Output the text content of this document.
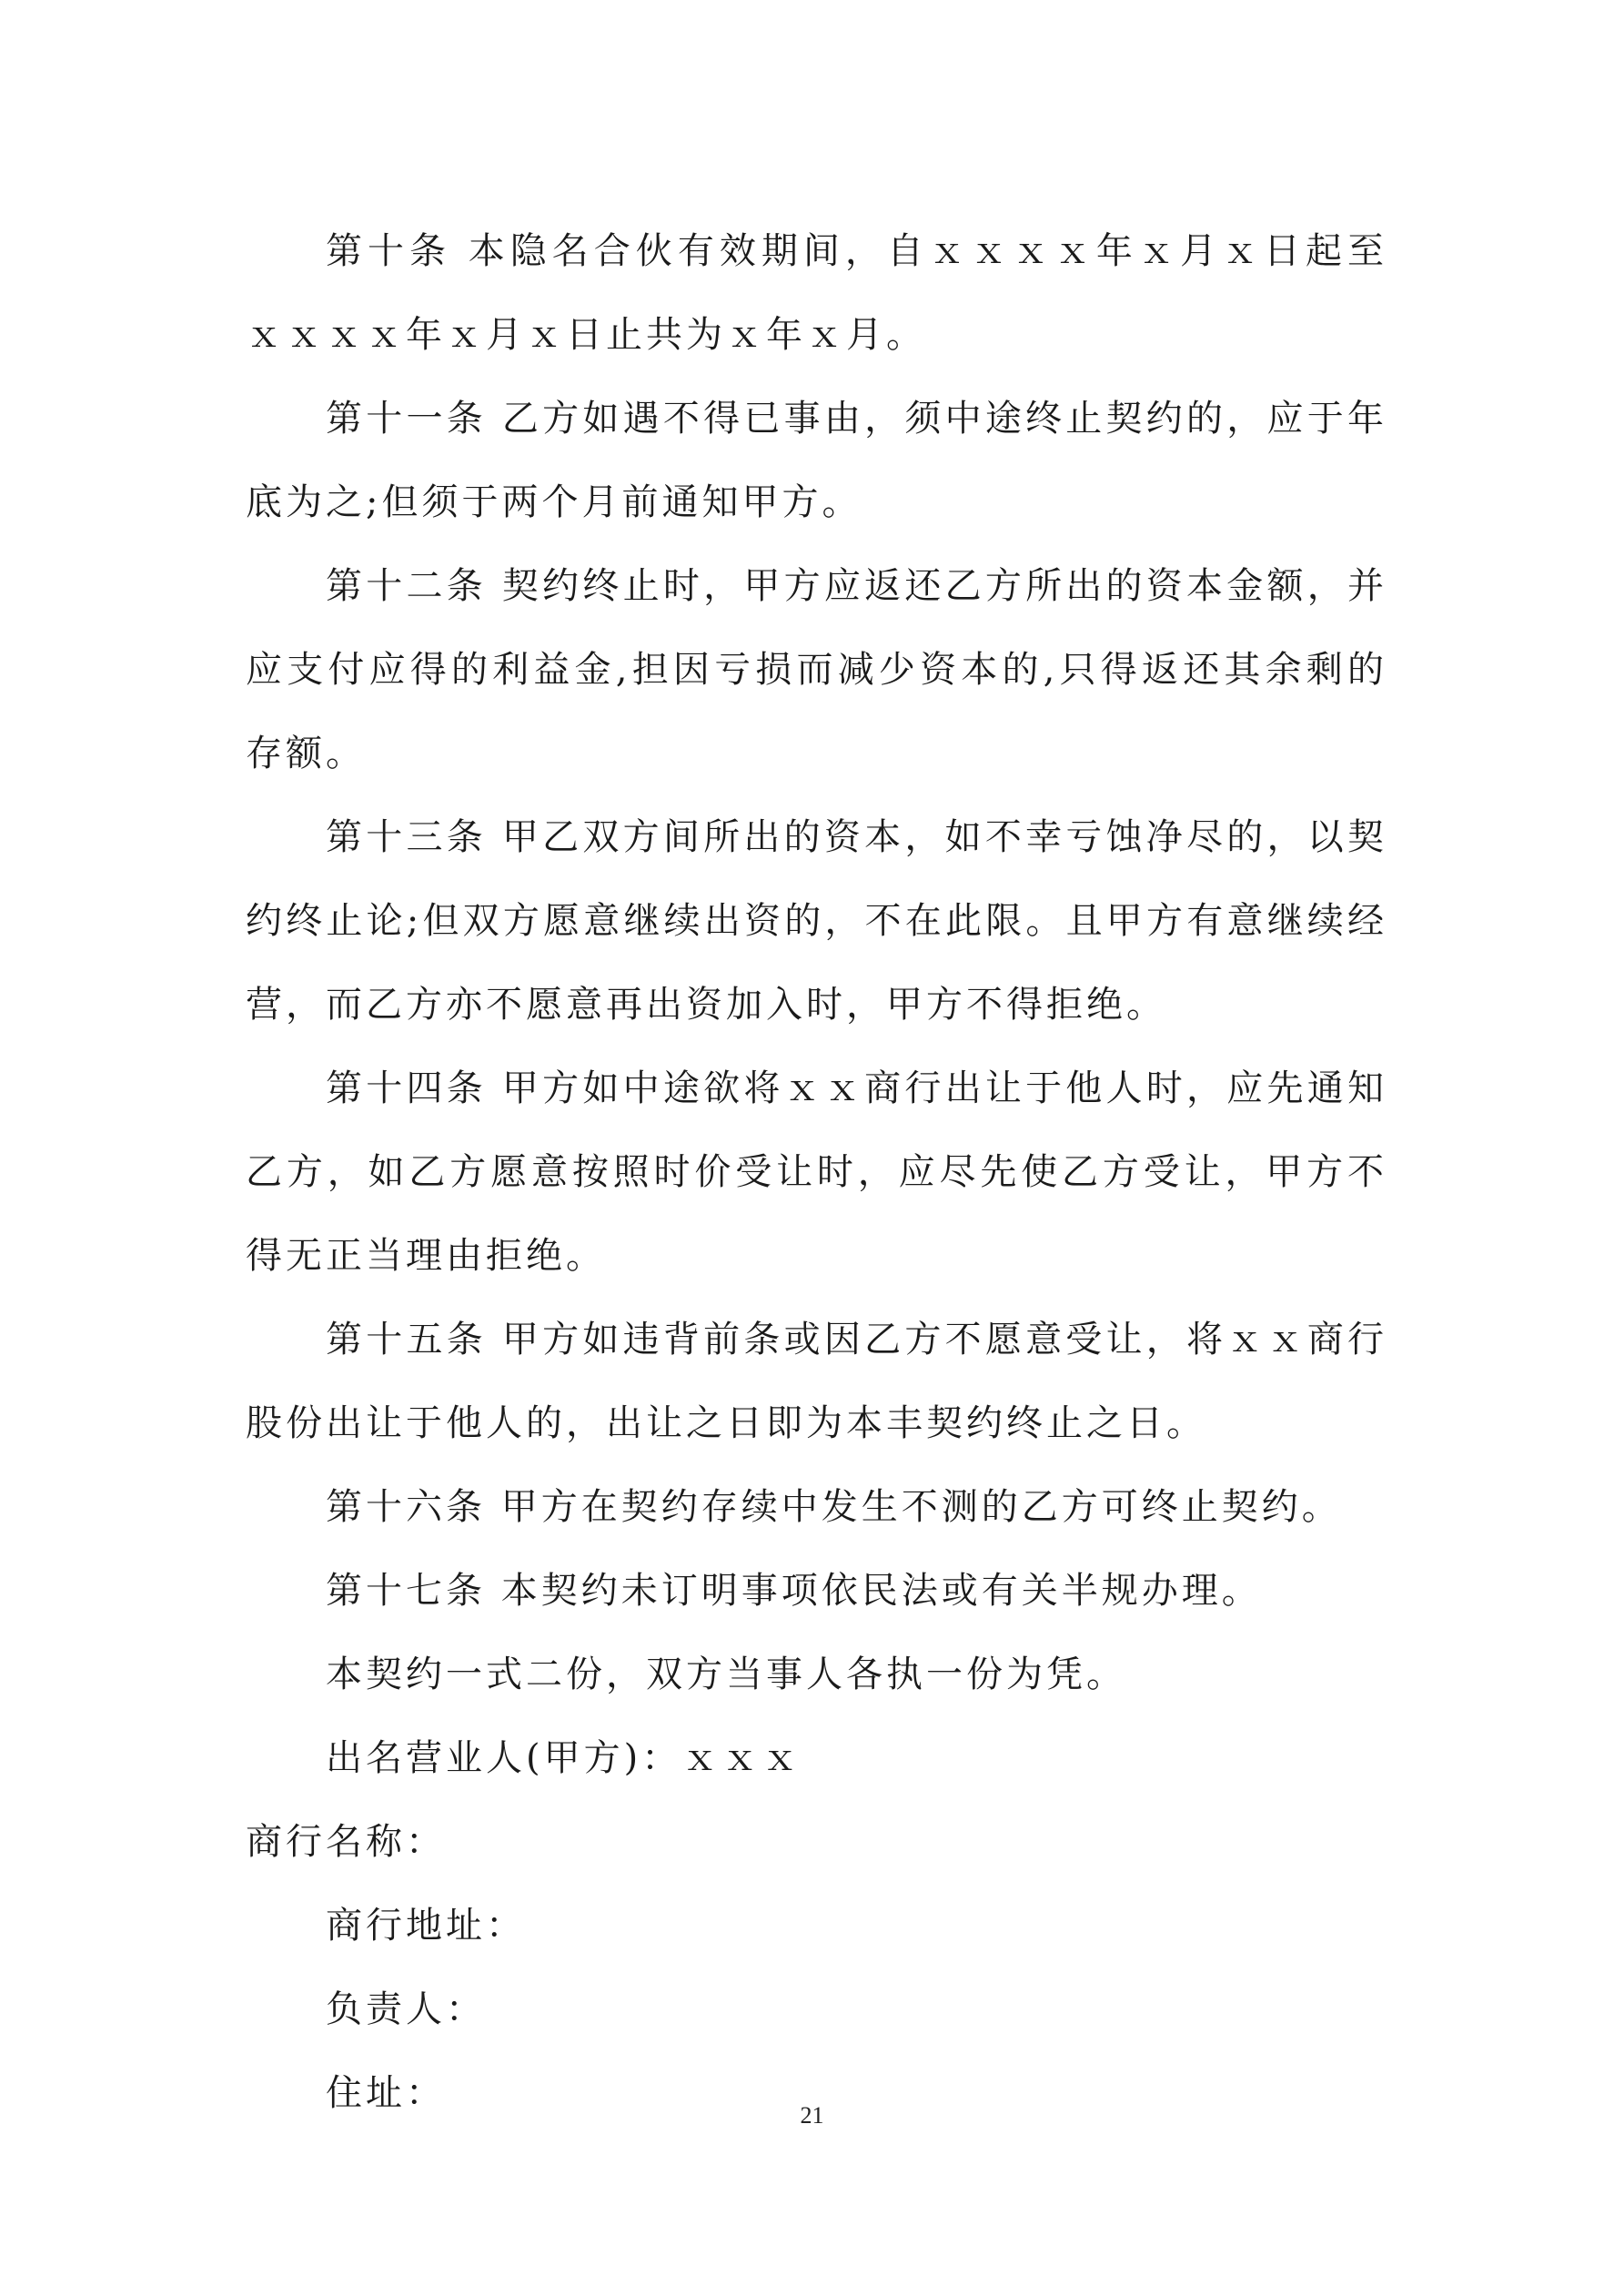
第十条 本隐名合伙有效期间，自ｘｘｘｘ年ｘ月ｘ日起至 ｘｘｘｘ年ｘ月ｘ日止共为ｘ年ｘ月。

第十一条 乙方如遇不得已事由，须中途终止契约的，应于年底为之;但须于两个月前通知甲方。

第十二条 契约终止时，甲方应返还乙方所出的资本金额，并应支付应得的利益金,担因亏损而减少资本的,只得返还其余剩的存额。

第十三条 甲乙双方间所出的资本，如不幸亏蚀净尽的，以契约终止论;但双方愿意继续出资的，不在此限。且甲方有意继续经营，而乙方亦不愿意再出资加入时，甲方不得拒绝。

第十四条 甲方如中途欲将ｘｘ商行出让于他人时，应先通知乙方，如乙方愿意按照时价受让时，应尽先使乙方受让，甲方不得无正当理由拒绝。

第十五条 甲方如违背前条或因乙方不愿意受让，将ｘｘ商行股份出让于他人的，出让之日即为本丰契约终止之日。

第十六条 甲方在契约存续中发生不测的乙方可终止契约。

第十七条 本契约未订明事项依民法或有关半规办理。

本契约一式二份，双方当事人各执一份为凭。

出名营业人(甲方)：ｘｘｘ

商行名称：

商行地址：

负责人：

住址：

21
